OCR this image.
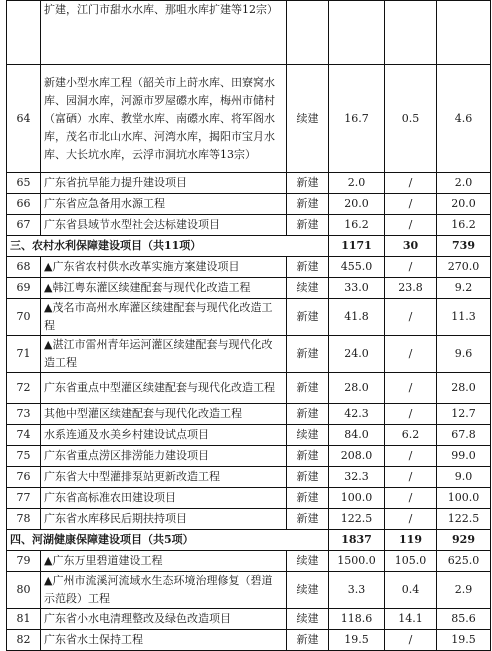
	扩建，江门市甜水水库、那咀水库扩建等12宗）				
64	新建小型水库工程（韶关市上莳水库、田寮窝水库、园洞水库，河源市罗屋礤水库，梅州市储村（富硒）水库、教堂水库、南礤水库、将军阁水库，茂名市北山水库、河湾水库，揭阳市宝月水库、大长坑水库，云浮市洞坑水库等13宗）	续建	16.7	0.5	4.6
65	广东省抗旱能力提升建设项目	新建	2.0	/	2.0
66	广东省应急备用水源工程	新建	20.0	/	20.0
67	广东省县域节水型社会达标建设项目	新建	16.2	/	16.2
三、农村水利保障建设项目（共11项）			1171	30	739
68	▲广东省农村供水改革实施方案建设项目	新建	455.0	/	270.0
69	▲韩江粤东灌区续建配套与现代化改造工程	续建	33.0	23.8	9.2
70	▲茂名市高州水库灌区续建配套与现代化改造工程	新建	41.8	/	11.3
71	▲湛江市雷州青年运河灌区续建配套与现代化改造工程	新建	24.0	/	9.6
72	广东省重点中型灌区续建配套与现代化改造工程	新建	28.0	/	28.0
73	其他中型灌区续建配套与现代化改造工程	新建	42.3	/	12.7
74	水系连通及水美乡村建设试点项目	续建	84.0	6.2	67.8
75	广东省重点涝区排涝能力建设项目	新建	208.0	/	99.0
76	广东省大中型灌排泵站更新改造工程	新建	32.3	/	9.0
77	广东省高标准农田建设项目	新建	100.0	/	100.0
78	广东省水库移民后期扶持项目	新建	122.5	/	122.5
四、河湖健康保障建设项目（共5项）			1837	119	929
79	▲广东万里碧道建设工程	续建	1500.0	105.0	625.0
80	▲广州市流溪河流域水生态环境治理修复（碧道示范段）工程	续建	3.3	0.4	2.9
81	广东省小水电清理整改及绿色改造项目	续建	118.6	14.1	85.6
82	广东省水土保持工程	新建	19.5	/	19.5
